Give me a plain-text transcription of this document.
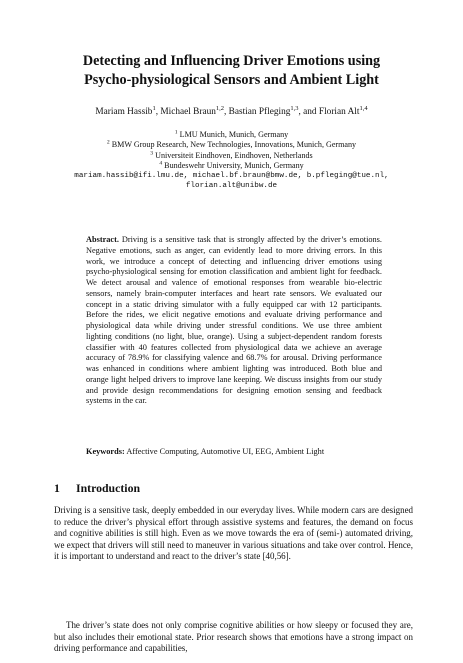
Detecting and Influencing Driver Emotions using
Psycho-physiological Sensors and Ambient Light
Mariam Hassib$^1$, Michael Braun$^{1,2}$, Bastian Pfleging$^{1,3}$, and Florian Alt$^{1,4}$
$^1$ LMU Munich, Munich, Germany
$^2$ BMW Group Research, New Technologies, Innovations, Munich, Germany
$^3$ Universiteit Eindhoven, Eindhoven, Netherlands
$^4$ Bundeswehr University, Munich, Germany
mariam.hassib@ifi.lmu.de, michael.bf.braun@bmw.de, b.pfleging@tue.nl,
florian.alt@unibw.de
Abstract. Driving is a sensitive task that is strongly affected by the driver’s emotions. Negative emotions, such as anger, can evidently lead to more driving errors. In this work, we introduce a concept of detecting and influencing driver emotions using psycho-physiological sensing for emotion classification and ambient light for feedback. We detect arousal and valence of emotional responses from wearable bio-electric sensors, namely brain-computer interfaces and heart rate sensors. We evaluated our concept in a static driving simulator with a fully equipped car with 12 participants. Before the rides, we elicit negative emotions and evaluate driving performance and physiological data while driving under stressful conditions. We use three ambient lighting conditions (no light, blue, orange). Using a subject-dependent random forests classifier with 40 features collected from physiological data we achieve an average accuracy of 78.9% for classifying valence and 68.7% for arousal. Driving performance was enhanced in conditions where ambient lighting was introduced. Both blue and orange light helped drivers to improve lane keeping. We discuss insights from our study and provide design recommendations for designing emotion sensing and feedback systems in the car.
Keywords: Affective Computing, Automotive UI, EEG, Ambient Light
1 Introduction
Driving is a sensitive task, deeply embedded in our everyday lives. While modern cars are designed to reduce the driver’s physical effort through assistive systems and features, the demand on focus and cognitive abilities is still high. Even as we move towards the era of (semi-) automated driving, we expect that drivers will still need to maneuver in various situations and take over control. Hence, it is important to understand and react to the driver’s state [40,56].
The driver’s state does not only comprise cognitive abilities or how sleepy or focused they are, but also includes their emotional state. Prior research shows that emotions have a strong impact on driving performance and capabilities,
